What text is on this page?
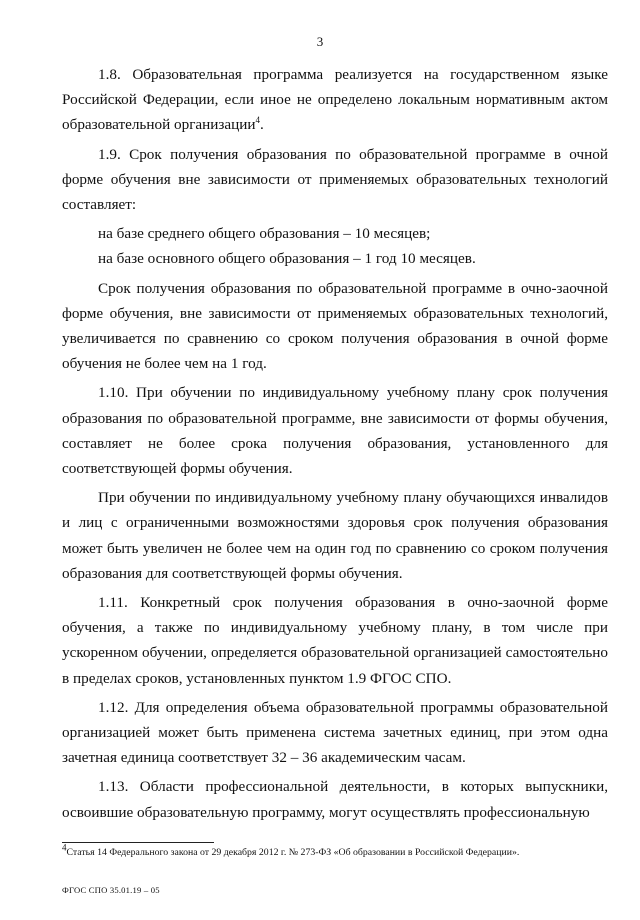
3

1.8. Образовательная программа реализуется на государственном языке Российской Федерации, если иное не определено локальным нормативным актом образовательной организации$^4$.

1.9. Срок получения образования по образовательной программе в очной форме обучения вне зависимости от применяемых образовательных технологий составляет:

на базе среднего общего образования – 10 месяцев;

на базе основного общего образования – 1 год 10 месяцев.

Срок получения образования по образовательной программе в очно-заочной форме обучения, вне зависимости от применяемых образовательных технологий, увеличивается по сравнению со сроком получения образования в очной форме обучения не более чем на 1 год.

1.10. При обучении по индивидуальному учебному плану срок получения образования по образовательной программе, вне зависимости от формы обучения, составляет не более срока получения образования, установленного для соответствующей формы обучения.

При обучении по индивидуальному учебному плану обучающихся инвалидов и лиц с ограниченными возможностями здоровья срок получения образования может быть увеличен не более чем на один год по сравнению со сроком получения образования для соответствующей формы обучения.

1.11. Конкретный срок получения образования в очно-заочной форме обучения, а также по индивидуальному учебному плану, в том числе при ускоренном обучении, определяется образовательной организацией самостоятельно в пределах сроков, установленных пунктом 1.9 ФГОС СПО.

1.12. Для определения объема образовательной программы образовательной организацией может быть применена система зачетных единиц, при этом одна зачетная единица соответствует 32 – 36 академическим часам.

1.13. Области профессиональной деятельности, в которых выпускники, освоившие образовательную программу, могут осуществлять профессиональную

$^4$Статья 14 Федерального закона от 29 декабря 2012 г. № 273-ФЗ «Об образовании в Российской Федерации».
ФГОС СПО 35.01.19 – 05
